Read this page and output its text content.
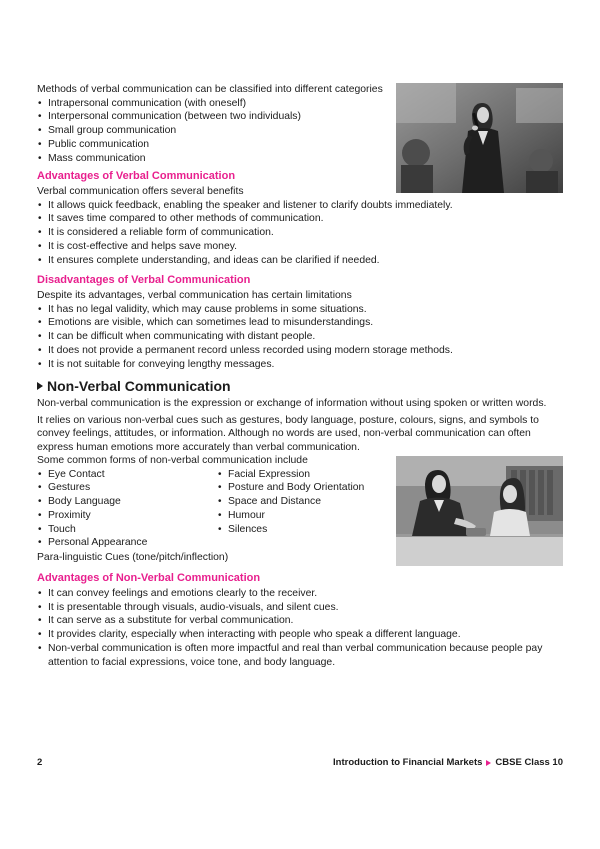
Methods of verbal communication can be classified into different categories

• Intrapersonal communication (with oneself)
• Interpersonal communication (between two individuals)
• Small group communication
• Public communication
• Mass communication

Advantages of Verbal Communication

Verbal communication offers several benefits

• It allows quick feedback, enabling the speaker and listener to clarify doubts immediately.
• It saves time compared to other methods of communication.
• It is considered a reliable form of communication.
• It is cost-effective and helps save money.
• It ensures complete understanding, and ideas can be clarified if needed.

Disadvantages of Verbal Communication

Despite its advantages, verbal communication has certain limitations

• It has no legal validity, which may cause problems in some situations.
• Emotions are visible, which can sometimes lead to misunderstandings.
• It can be difficult when communicating with distant people.
• It does not provide a permanent record unless recorded using modern storage methods.
• It is not suitable for conveying lengthy messages.

Non-Verbal Communication

Non-verbal communication is the expression or exchange of information without using spoken or written words.

It relies on various non-verbal cues such as gestures, body language, posture, colours, signs, and symbols to convey feelings, attitudes, or information. Although no words are used, non-verbal communication can often express human emotions more accurately than verbal communication.

Some common forms of non-verbal communication include

• Eye Contact
• Gestures
• Body Language
• Proximity
• Touch
• Personal Appearance
• Facial Expression
• Posture and Body Orientation
• Space and Distance
• Humour
• Silences

Para-linguistic Cues (tone/pitch/inflection)

Advantages of Non-Verbal Communication

• It can convey feelings and emotions clearly to the receiver.
• It is presentable through visuals, audio-visuals, and silent cues.
• It can serve as a substitute for verbal communication.
• It provides clarity, especially when interacting with people who speak a different language.
• Non-verbal communication is often more impactful and real than verbal communication because people pay attention to facial expressions, voice tone, and body language.
2	Introduction to Financial Markets CBSE Class 10
